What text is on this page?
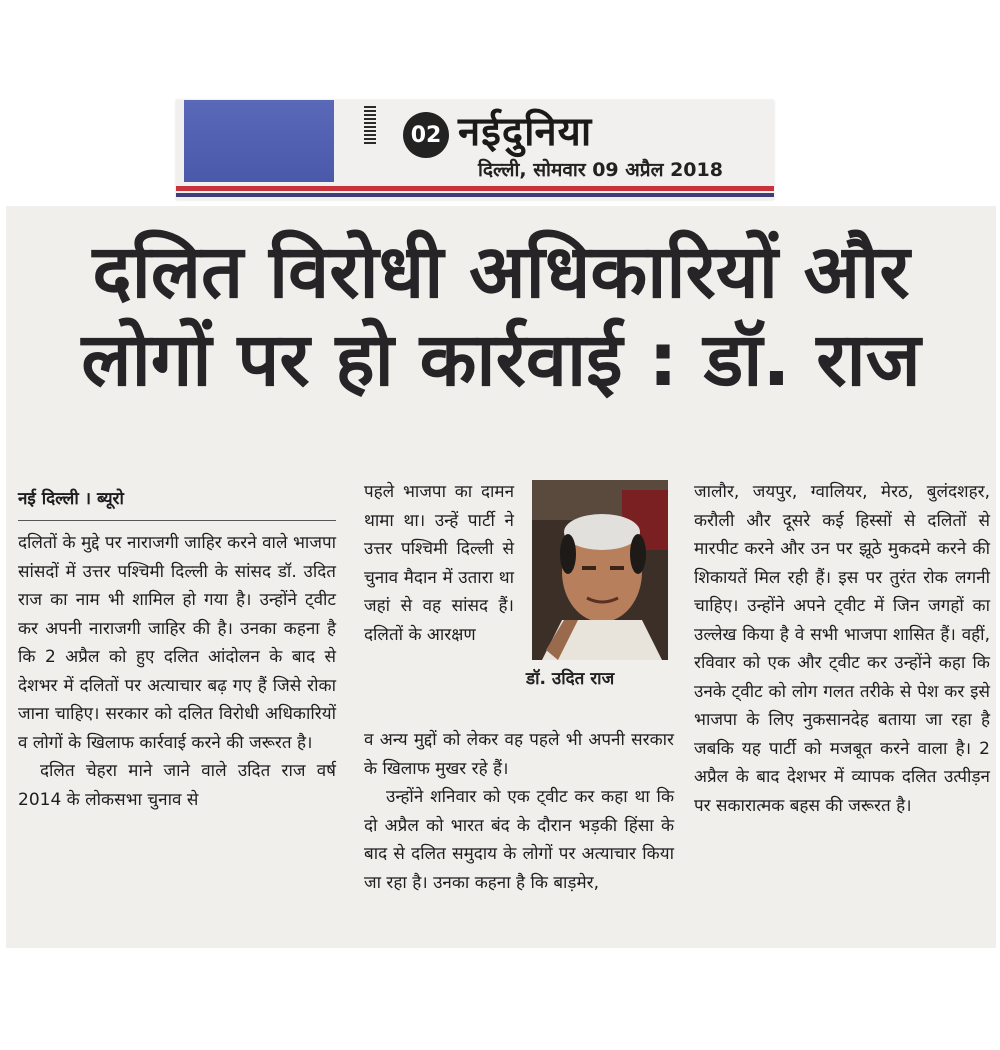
02 नईदुनिया
दिल्ली, सोमवार 09 अप्रैल 2018
दलित विरोधी अधिकारियों और
लोगों पर हो कार्रवाई : डॉ. राज
नई दिल्ली । ब्यूरो

दलितों के मुद्दे पर नाराजगी जाहिर करने वाले भाजपा सांसदों में उत्तर पश्चिमी दिल्ली के सांसद डॉ. उदित राज का नाम भी शामिल हो गया है। उन्होंने ट्वीट कर अपनी नाराजगी जाहिर की है। उनका कहना है कि 2 अप्रैल को हुए दलित आंदोलन के बाद से देशभर में दलितों पर अत्याचार बढ़ गए हैं जिसे रोका जाना चाहिए। सरकार को दलित विरोधी अधिकारियों व लोगों के खिलाफ कार्रवाई करने की जरूरत है।

दलित चेहरा माने जाने वाले उदित राज वर्ष 2014 के लोकसभा चुनाव से

पहले भाजपा का दामन थामा था। उन्हें पार्टी ने उत्तर पश्चिमी दिल्ली से चुनाव मैदान में उतारा था जहां से वह सांसद हैं। दलितों के आरक्षण

डॉ. उदित राज

व अन्य मुद्दों को लेकर वह पहले भी अपनी सरकार के खिलाफ मुखर रहे हैं।

उन्होंने शनिवार को एक ट्वीट कर कहा था कि दो अप्रैल को भारत बंद के दौरान भड़की हिंसा के बाद से दलित समुदाय के लोगों पर अत्याचार किया जा रहा है। उनका कहना है कि बाड़मेर,

जालौर, जयपुर, ग्वालियर, मेरठ, बुलंदशहर, करौली और दूसरे कई हिस्सों से दलितों से मारपीट करने और उन पर झूठे मुकदमे करने की शिकायतें मिल रही हैं। इस पर तुरंत रोक लगनी चाहिए। उन्होंने अपने ट्वीट में जिन जगहों का उल्लेख किया है वे सभी भाजपा शासित हैं। वहीं, रविवार को एक और ट्वीट कर उन्होंने कहा कि उनके ट्वीट को लोग गलत तरीके से पेश कर इसे भाजपा के लिए नुकसानदेह बताया जा रहा है जबकि यह पार्टी को मजबूत करने वाला है। 2 अप्रैल के बाद देशभर में व्यापक दलित उत्पीड़न पर सकारात्मक बहस की जरूरत है।
